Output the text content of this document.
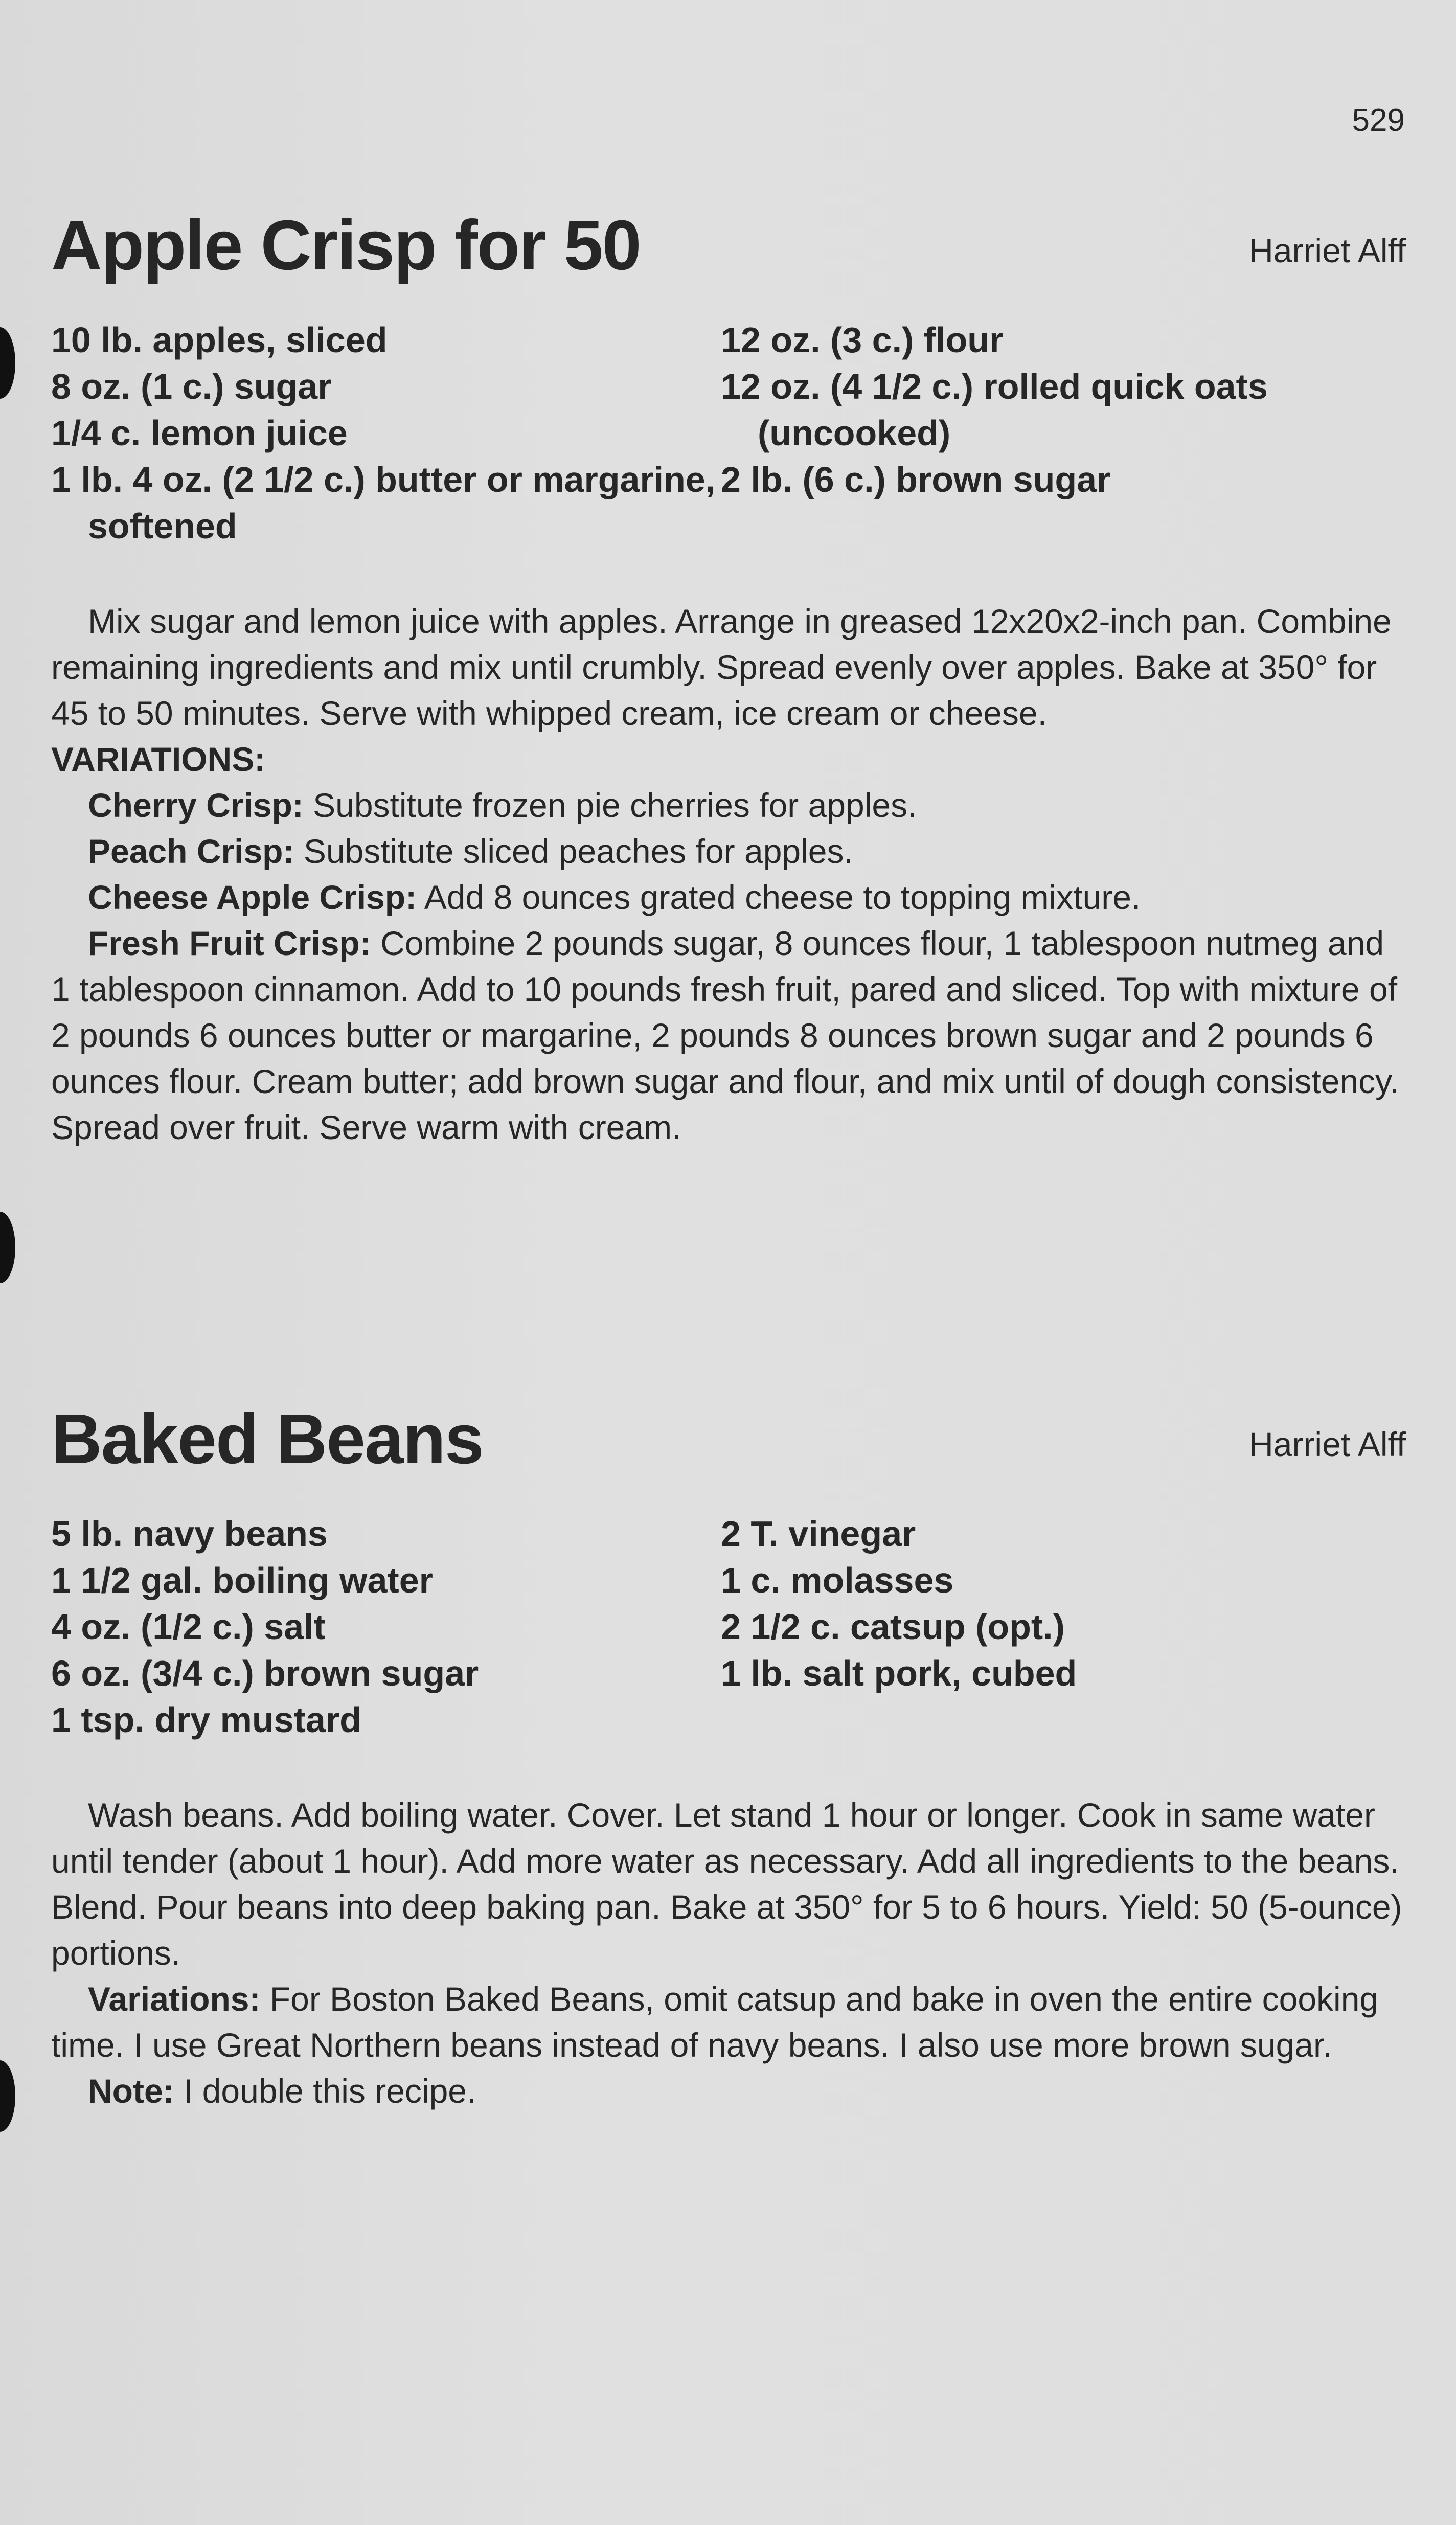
529

Apple Crisp for 50	Harriet Alff
10 lb. apples, sliced
8 oz. (1 c.) sugar
1/4 c. lemon juice
1 lb. 4 oz. (2 1/2 c.) butter or margarine, softened
12 oz. (3 c.) flour
12 oz. (4 1/2 c.) rolled quick oats (uncooked)
2 lb. (6 c.) brown sugar

Mix sugar and lemon juice with apples. Arrange in greased 12x20x2-inch pan. Combine remaining ingredients and mix until crumbly. Spread evenly over apples. Bake at 350° for 45 to 50 minutes. Serve with whipped cream, ice cream or cheese.

VARIATIONS:

Cherry Crisp: Substitute frozen pie cherries for apples.

Peach Crisp: Substitute sliced peaches for apples.

Cheese Apple Crisp: Add 8 ounces grated cheese to topping mixture.

Fresh Fruit Crisp: Combine 2 pounds sugar, 8 ounces flour, 1 tablespoon nutmeg and 1 tablespoon cinnamon. Add to 10 pounds fresh fruit, pared and sliced. Top with mixture of 2 pounds 6 ounces butter or margarine, 2 pounds 8 ounces brown sugar and 2 pounds 6 ounces flour. Cream butter; add brown sugar and flour, and mix until of dough consistency. Spread over fruit. Serve warm with cream.

Baked Beans	Harriet Alff
5 lb. navy beans
1 1/2 gal. boiling water
4 oz. (1/2 c.) salt
6 oz. (3/4 c.) brown sugar
1 tsp. dry mustard
2 T. vinegar
1 c. molasses
2 1/2 c. catsup (opt.)
1 lb. salt pork, cubed

Wash beans. Add boiling water. Cover. Let stand 1 hour or longer. Cook in same water until tender (about 1 hour). Add more water as necessary. Add all ingredients to the beans. Blend. Pour beans into deep baking pan. Bake at 350° for 5 to 6 hours. Yield: 50 (5-ounce) portions.

Variations: For Boston Baked Beans, omit catsup and bake in oven the entire cooking time. I use Great Northern beans instead of navy beans. I also use more brown sugar.

Note: I double this recipe.
